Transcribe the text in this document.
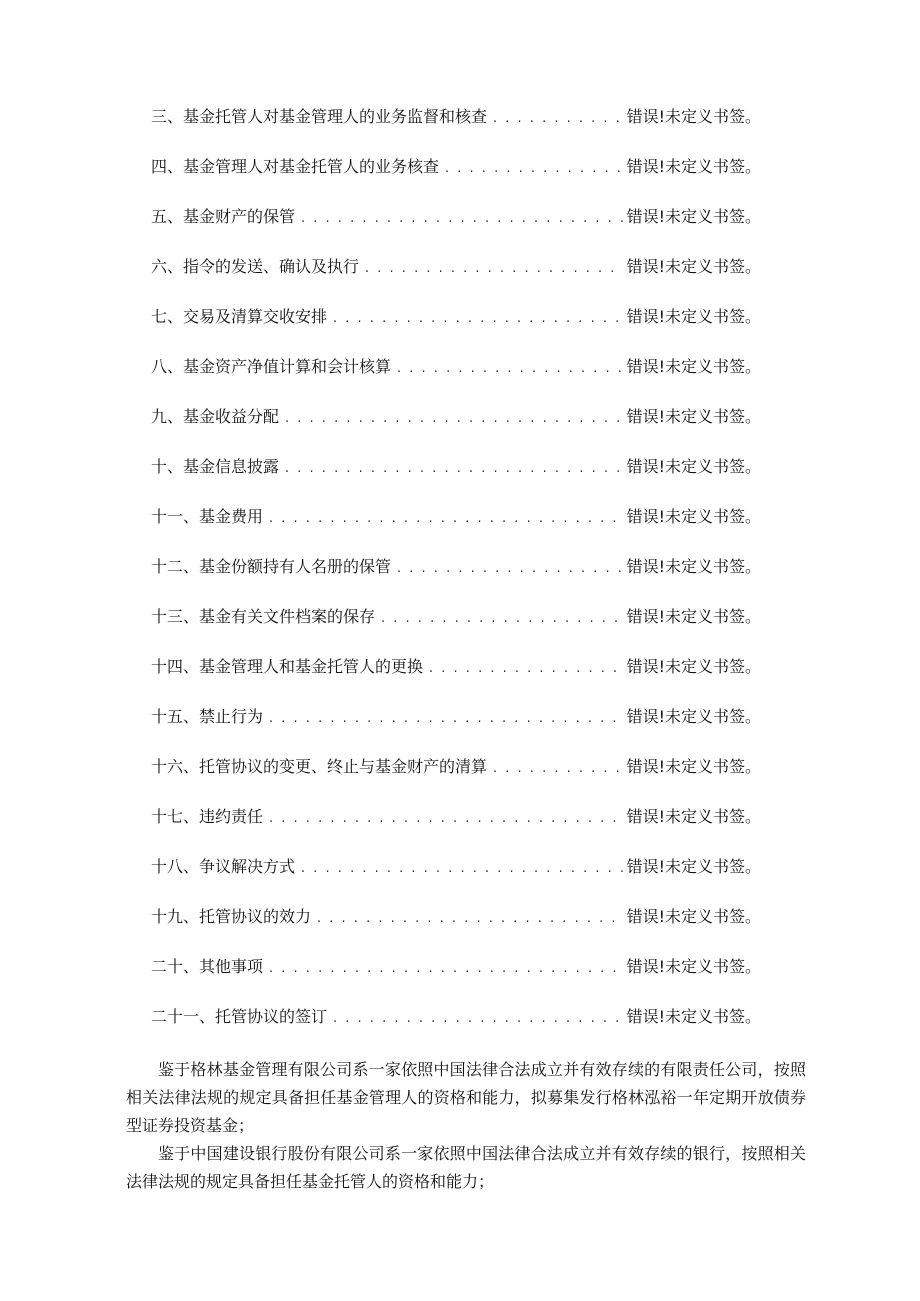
三、基金托管人对基金管理人的业务监督和核查 . . .	错误!未定义书签。
四、基金管理人对基金托管人的业务核查 . . .	错误!未定义书签。
五、基金财产的保管 . . .	错误!未定义书签。
六、指令的发送、确认及执行 . . .	错误!未定义书签。
七、交易及清算交收安排 . . .	错误!未定义书签。
八、基金资产净值计算和会计核算 . . .	错误!未定义书签。
九、基金收益分配 . . .	错误!未定义书签。
十、基金信息披露 . . .	错误!未定义书签。
十一、基金费用 . . .	错误!未定义书签。
十二、基金份额持有人名册的保管 . . .	错误!未定义书签。
十三、基金有关文件档案的保存 . . .	错误!未定义书签。
十四、基金管理人和基金托管人的更换 . . .	错误!未定义书签。
十五、禁止行为 . . .	错误!未定义书签。
十六、托管协议的变更、终止与基金财产的清算 . . .	错误!未定义书签。
十七、违约责任 . . .	错误!未定义书签。
十八、争议解决方式 . . .	错误!未定义书签。
十九、托管协议的效力 . . .	错误!未定义书签。
二十、其他事项 . . .	错误!未定义书签。
二十一、托管协议的签订 . . .	错误!未定义书签。

鉴于格林基金管理有限公司系一家依照中国法律合法成立并有效存续的有限责任公司，按照相关法律法规的规定具备担任基金管理人的资格和能力，拟募集发行格林泓裕一年定期开放债券型证券投资基金；

鉴于中国建设银行股份有限公司系一家依照中国法律合法成立并有效存续的银行，按照相关法律法规的规定具备担任基金托管人的资格和能力；
